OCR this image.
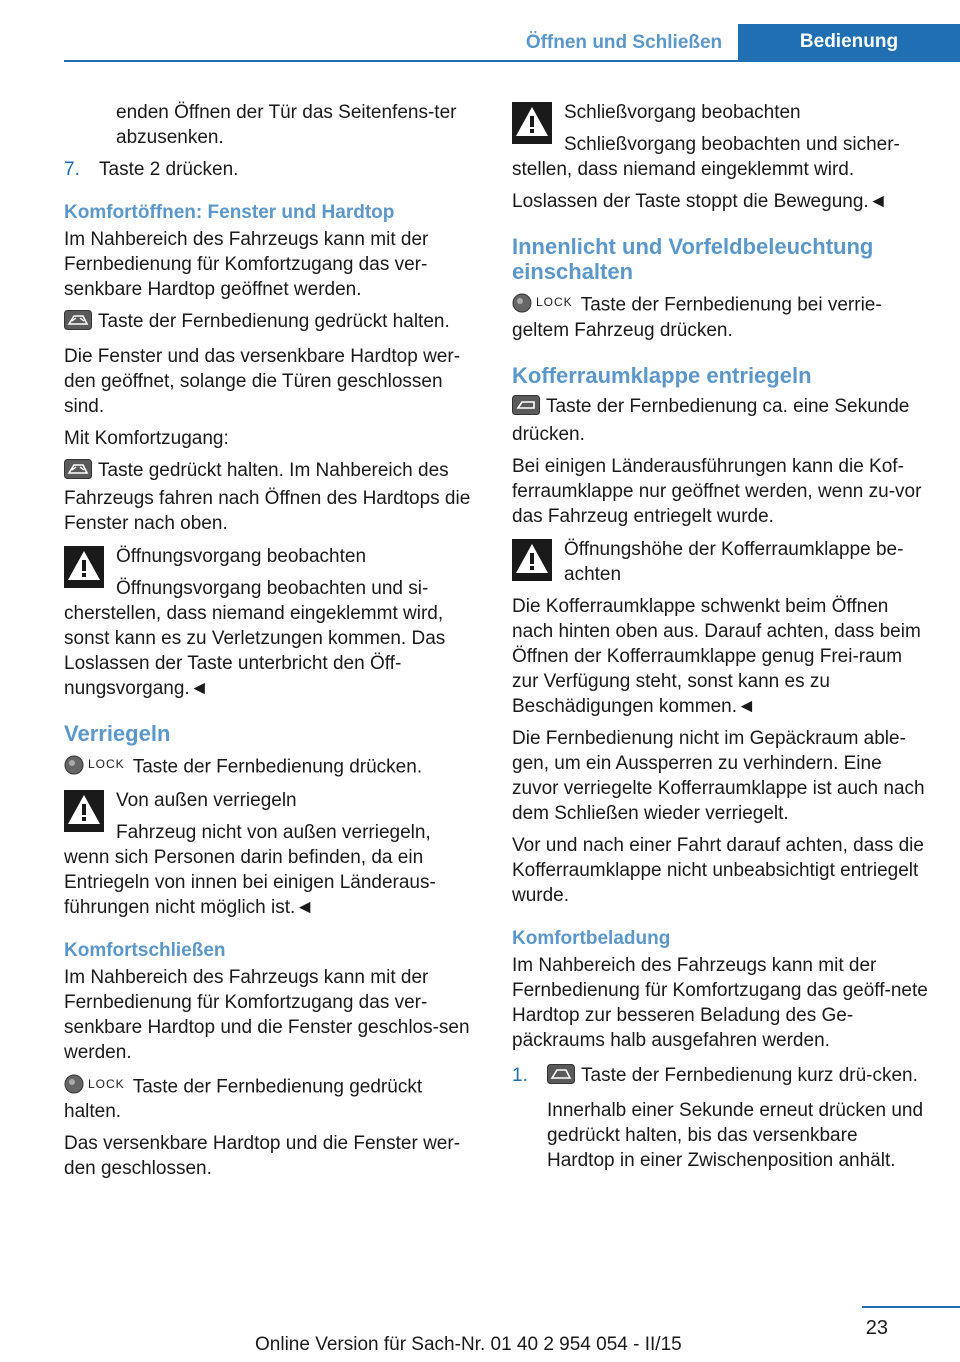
Öffnen und Schließen	Bedienung

enden Öffnen der Tür das Seitenfens-ter abzusenken.

7.	Taste 2 drücken.
Komfortöffnen: Fenster und Hardtop

Im Nahbereich des Fahrzeugs kann mit der Fernbedienung für Komfortzugang das ver-senkbare Hardtop geöffnet werden.

Taste der Fernbedienung gedrückt halten.

Die Fenster und das versenkbare Hardtop wer-den geöffnet, solange die Türen geschlossen sind.

Mit Komfortzugang:

Taste gedrückt halten. Im Nahbereich des Fahrzeugs fahren nach Öffnen des Hardtops die Fenster nach oben.

Öffnungsvorgang beobachten
Öffnungsvorgang beobachten und si-cherstellen, dass niemand eingeklemmt wird, sonst kann es zu Verletzungen kommen. Das Loslassen der Taste unterbricht den Öff-nungsvorgang.◄
Verriegeln

LOCK Taste der Fernbedienung drücken.

Von außen verriegeln
Fahrzeug nicht von außen verriegeln, wenn sich Personen darin befinden, da ein Entriegeln von innen bei einigen Länderaus-führungen nicht möglich ist.◄
Komfortschließen

Im Nahbereich des Fahrzeugs kann mit der Fernbedienung für Komfortzugang das ver-senkbare Hardtop und die Fenster geschlos-sen werden.

LOCK Taste der Fernbedienung gedrückt halten.

Das versenkbare Hardtop und die Fenster wer-den geschlossen.

Schließvorgang beobachten
Schließvorgang beobachten und sicher-stellen, dass niemand eingeklemmt wird.

Loslassen der Taste stoppt die Bewegung.◄

Innenlicht und Vorfeldbeleuchtung einschalten

LOCK Taste der Fernbedienung bei verrie-geltem Fahrzeug drücken.

Kofferraumklappe entriegeln

Taste der Fernbedienung ca. eine Sekunde drücken.

Bei einigen Länderausführungen kann die Kof-ferraumklappe nur geöffnet werden, wenn zu-vor das Fahrzeug entriegelt wurde.

Öffnungshöhe der Kofferraumklappe be-achten
Die Kofferraumklappe schwenkt beim Öffnen nach hinten oben aus. Darauf achten, dass beim Öffnen der Kofferraumklappe genug Frei-raum zur Verfügung steht, sonst kann es zu Beschädigungen kommen.◄

Die Fernbedienung nicht im Gepäckraum able-gen, um ein Aussperren zu verhindern. Eine zuvor verriegelte Kofferraumklappe ist auch nach dem Schließen wieder verriegelt.

Vor und nach einer Fahrt darauf achten, dass die Kofferraumklappe nicht unbeabsichtigt entriegelt wurde.

Komfortbeladung

Im Nahbereich des Fahrzeugs kann mit der Fernbedienung für Komfortzugang das geöff-nete Hardtop zur besseren Beladung des Ge-päckraums halb ausgefahren werden.

1.	Taste der Fernbedienung kurz drü-cken.

Innerhalb einer Sekunde erneut drücken und gedrückt halten, bis das versenkbare Hardtop in einer Zwischenposition anhält.

23
Online Version für Sach-Nr. 01 40 2 954 054 - II/15
